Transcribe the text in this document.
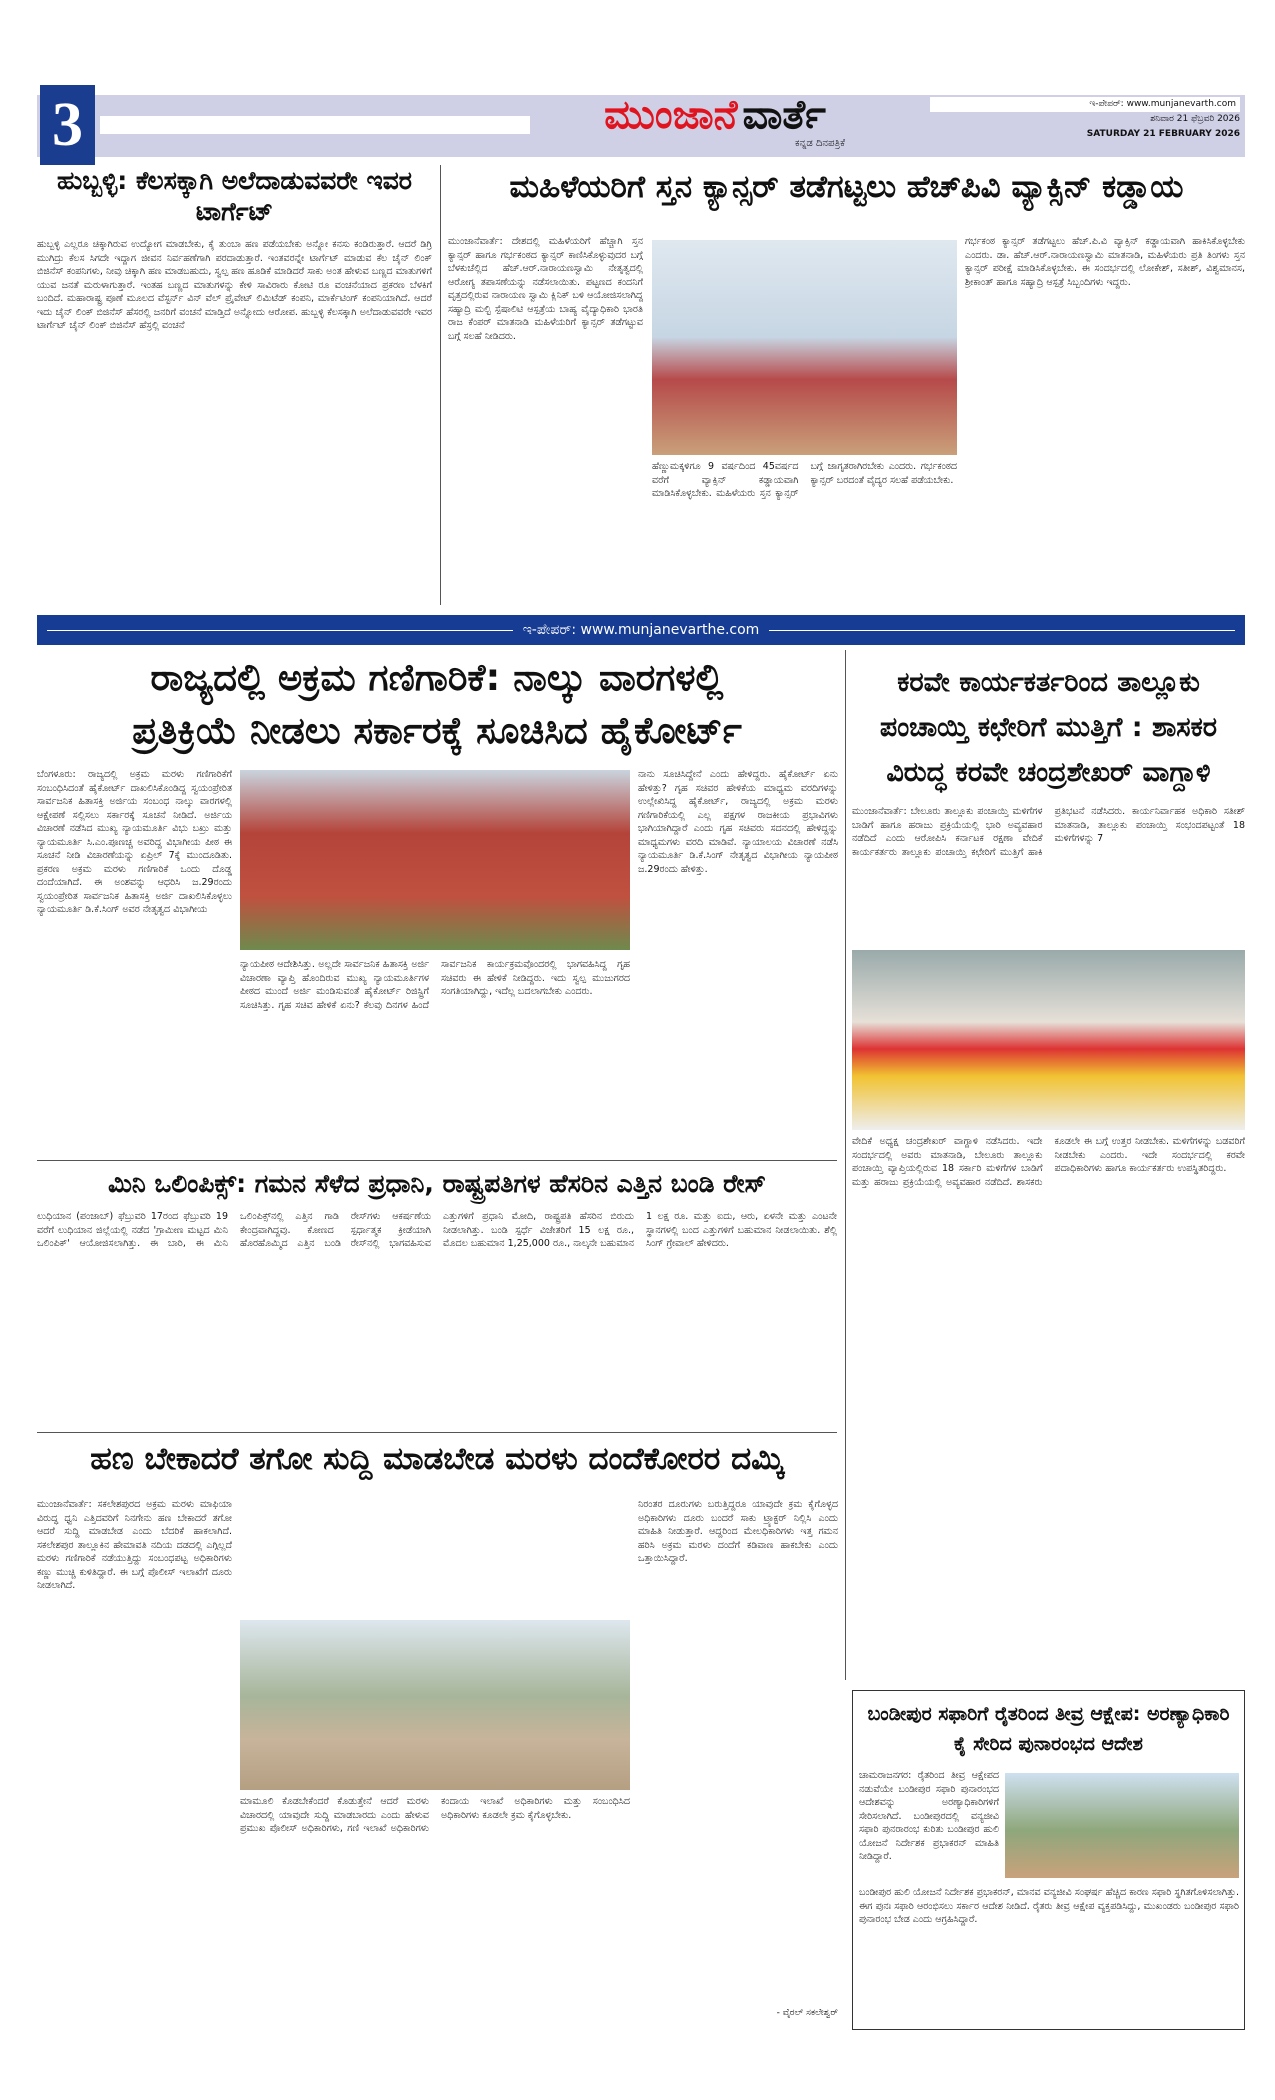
3	ಮುಂಜಾನೆ ವಾರ್ತೆ
ಕನ್ನಡ ದಿನಪತ್ರಿಕೆ
ಇ-ಪೇಪರ್: www.munjanevarth.com
ಶನಿವಾರ 21 ಫೆಬ್ರವರಿ 2026
SATURDAY 21 FEBRUARY 2026
ಹುಬ್ಬಳ್ಳಿ: ಕೆಲಸಕ್ಕಾಗಿ ಅಲೆದಾಡುವವರೇ ಇವರ ಟಾರ್ಗೆಟ್
ಹುಬ್ಬಳ್ಳಿ ಎಲ್ಲರೂ ಚಿಕ್ಕಾಗಿರುವ ಉದ್ಯೋಗ ಮಾಡಬೇಕು, ಕೈ ತುಂಬಾ ಹಣ ಪಡೆಯಬೇಕು ಅನ್ನೋ ಕನಸು ಕಂಡಿರುತ್ತಾರೆ. ಆದರೆ ಡಿಗ್ರಿ ಮುಗಿದ್ರು ಕೆಲಸ ಸಿಗದೇ ಇದ್ದಾಗ ಜೀವನ ನಿರ್ವಹಣೆಗಾಗಿ ಪರದಾಡುತ್ತಾರೆ. ಇಂತವರನ್ನೇ ಟಾರ್ಗೆಟ್ ಮಾಡುವ ಕೆಲ ಚೈನ್ ಲಿಂಕ್ ಬಿಜಿನೆಸ್ ಕಂಪನಿಗಳು, ನೀವು ಚಿಕ್ಕಾಗಿ ಹಣ ಮಾಡಬಹುದು, ಸ್ವಲ್ಪ ಹಣ ಹೂಡಿಕೆ ಮಾಡಿದರೆ ಸಾಕು ಅಂತ ಹೇಳುವ ಬಣ್ಣದ ಮಾತುಗಳಿಗೆ ಯುವ ಜನತೆ ಮರುಳಾಗುತ್ತಾರೆ. ಇಂತಹ ಬಣ್ಣದ ಮಾತುಗಳನ್ನು ಕೇಳಿ ಸಾವಿರಾರು ಕೋಟಿ ರೂ ವಂಚನೆಯಾದ ಪ್ರಕರಣ ಬೆಳಕಿಗೆ ಬಂದಿದೆ. ಮಹಾರಾಷ್ಟ್ರ ಪೂಣೆ ಮೂಲದ ವೆಸ್ಟರ್ನ್ ವಿನ್ ವೆಲ್ ಪ್ರೈವೇಟ್ ಲಿಮಿಟೆಡ್ ಕಂಪನಿ, ಮಾರ್ಕೆಟಿಂಗ್ ಕಂಪನಿಯಾಗಿದೆ. ಆದರೆ ಇದು ಚೈನ್ ಲಿಂಕ್ ಬಿಜಿನೆಸ್ ಹೆಸರಲ್ಲಿ ಜನರಿಗೆ ವಂಚನೆ ಮಾಡ್ತಿದೆ ಅನ್ನೋದು ಆರೋಪ. ಹುಬ್ಬಳ್ಳಿ ಕೆಲಸಕ್ಕಾಗಿ ಅಲೆದಾಡುವವರೇ ಇವರ ಟಾರ್ಗೆಟ್ ಚೈನ್ ಲಿಂಕ್ ಬಿಜಿನೆಸ್ ಹೆಸ್ರಲ್ಲಿ ವಂಚನೆ
ಮಹಿಳೆಯರಿಗೆ ಸ್ತನ ಕ್ಯಾನ್ಸರ್ ತಡೆಗಟ್ಟಲು ಹೆಚ್‌ಪಿವಿ ವ್ಯಾಕ್ಸಿನ್ ಕಡ್ಡಾಯ
ಮುಂಜಾನೆವಾರ್ತೆ: ದೇಶದಲ್ಲಿ ಮಹಿಳೆಯರಿಗೆ ಹೆಚ್ಚಾಗಿ ಸ್ತನ ಕ್ಯಾನ್ಸರ್ ಹಾಗೂ ಗರ್ಭಕಂಠದ ಕ್ಯಾನ್ಸರ್ ಕಾಣಿಸಿಕೊಳ್ಳುವುದರ ಬಗ್ಗೆ ಬೆಳಕುಚೆಲ್ಲಿದ ಹೆಚ್.ಆರ್.ನಾರಾಯಣಸ್ವಾಮಿ ನೇತೃತ್ವದಲ್ಲಿ ಆರೋಗ್ಯ ತಪಾಸಣೆಯನ್ನು ನಡೆಸಲಾಯಿತು. ಪಟ್ಟಣದ ಕಂದನಿಗೆ ವೃತ್ತದಲ್ಲಿರುವ ನಾರಾಯಣ ಸ್ವಾಮಿ ಕ್ಲಿನಿಕ್ ಬಳಿ ಆಯೋಜಿಸಲಾಗಿದ್ದ ಸಹ್ಯಾದ್ರಿ ಮಲ್ಟಿ ಸ್ಪೆಷಾಲಿಟಿ ಆಸ್ಪತ್ರೆಯ ಬಾಹ್ಯ ವೈದ್ಯಾಧಿಕಾರಿ ಭಾರತಿ ರಾಜ ಕೆಂಪರ್ ಮಾತನಾಡಿ ಮಹಿಳೆಯರಿಗೆ ಕ್ಯಾನ್ಸರ್ ತಡೆಗಟ್ಟುವ ಬಗ್ಗೆ ಸಲಹೆ ನೀಡಿದರು.
ಹೆಣ್ಣುಮಕ್ಕಳಿಗೂ 9 ವರ್ಷದಿಂದ 45ವರ್ಷದ ವರೆಗೆ ವ್ಯಾಕ್ಸಿನ್ ಕಡ್ಡಾಯವಾಗಿ ಮಾಡಿಸಿಕೊಳ್ಳಬೇಕು. ಮಹಿಳೆಯರು ಸ್ತನ ಕ್ಯಾನ್ಸರ್ ಬಗ್ಗೆ ಜಾಗೃತರಾಗಿರಬೇಕು ಎಂದರು. ಗರ್ಭಕಂಠದ ಕ್ಯಾನ್ಸರ್ ಬರದಂತೆ ವೈದ್ಯರ ಸಲಹೆ ಪಡೆಯಬೇಕು.
ಗರ್ಭಕಂಠ ಕ್ಯಾನ್ಸರ್ ತಡೆಗಟ್ಟಲು ಹೆಚ್.ಪಿ.ವಿ ವ್ಯಾಕ್ಸಿನ್ ಕಡ್ಡಾಯವಾಗಿ ಹಾಕಿಸಿಕೊಳ್ಳಬೇಕು ಎಂದರು. ಡಾ. ಹೆಚ್.ಆರ್.ನಾರಾಯಣಸ್ವಾಮಿ ಮಾತನಾಡಿ, ಮಹಿಳೆಯರು ಪ್ರತಿ ತಿಂಗಳು ಸ್ತನ ಕ್ಯಾನ್ಸರ್ ಪರೀಕ್ಷೆ ಮಾಡಿಸಿಕೊಳ್ಳಬೇಕು. ಈ ಸಂದರ್ಭದಲ್ಲಿ ಲೋಕೇಶ್, ಸತೀಶ್, ವಿಶ್ವಮಾನಸ, ಶ್ರೀಕಾಂತ್ ಹಾಗೂ ಸಹ್ಯಾದ್ರಿ ಆಸ್ಪತ್ರೆ ಸಿಬ್ಬಂದಿಗಳು ಇದ್ದರು.
ಇ-ಪೇಪರ್: www.munjanevarthe.com
ರಾಜ್ಯದಲ್ಲಿ ಅಕ್ರಮ ಗಣಿಗಾರಿಕೆ: ನಾಲ್ಕು ವಾರಗಳಲ್ಲಿ
ಪ್ರತಿಕ್ರಿಯೆ ನೀಡಲು ಸರ್ಕಾರಕ್ಕೆ ಸೂಚಿಸಿದ ಹೈಕೋರ್ಟ್
ಬೆಂಗಳೂರು: ರಾಜ್ಯದಲ್ಲಿ ಅಕ್ರಮ ಮರಳು ಗಣಿಗಾರಿಕೆಗೆ ಸಂಬಂಧಿಸಿದಂತೆ ಹೈಕೋರ್ಟ್ ದಾಖಲಿಸಿಕೊಂಡಿದ್ದ ಸ್ವಯಂಪ್ರೇರಿತ ಸಾರ್ವಜನಿಕ ಹಿತಾಸಕ್ತಿ ಅರ್ಜಿಯ ಸಂಬಂಧ ನಾಲ್ಕು ವಾರಗಳಲ್ಲಿ ಆಕ್ಷೇಪಣೆ ಸಲ್ಲಿಸಲು ಸರ್ಕಾರಕ್ಕೆ ಸೂಚನೆ ನೀಡಿದೆ. ಅರ್ಜಿಯ ವಿಚಾರಣೆ ನಡೆಸಿದ ಮುಖ್ಯ ನ್ಯಾಯಮೂರ್ತಿ ವಿಭು ಬಖ್ರು ಮತ್ತು ನ್ಯಾಯಮೂರ್ತಿ ಸಿ.ಎಂ.ಪೂಣಚ್ಚ ಅವರಿದ್ದ ವಿಭಾಗೀಯ ಪೀಠ ಈ ಸೂಚನೆ ನೀಡಿ ವಿಚಾರಣೆಯನ್ನು ಏಪ್ರಿಲ್ 7ಕ್ಕೆ ಮುಂದೂಡಿತು. ಪ್ರಕರಣ ಅಕ್ರಮ ಮರಳು ಗಣಿಗಾರಿಕೆ ಒಂದು ದೊಡ್ಡ ದಂದೆಯಾಗಿದೆ. ಈ ಅಂಶವನ್ನು ಆಧರಿಸಿ ಜ.29ರಂದು ಸ್ವಯಂಪ್ರೇರಿತ ಸಾರ್ವಜನಿಕ ಹಿತಾಸಕ್ತಿ ಅರ್ಜಿ ದಾಖಲಿಸಿಕೊಳ್ಳಲು ನ್ಯಾಯಮೂರ್ತಿ ಡಿ.ಕೆ.ಸಿಂಗ್ ಅವರ ನೇತೃತ್ವದ ವಿಭಾಗೀಯ
ನ್ಯಾಯಪೀಠ ಆದೇಶಿಸಿತ್ತು. ಅಲ್ಲದೇ ಸಾರ್ವಜನಿಕ ಹಿತಾಸಕ್ತಿ ಅರ್ಜಿ ವಿಚಾರಣಾ ವ್ಯಾಪ್ತಿ ಹೊಂದಿರುವ ಮುಖ್ಯ ನ್ಯಾಯಮೂರ್ತಿಗಳ ಪೀಠದ ಮುಂದೆ ಅರ್ಜಿ ಮಂಡಿಸುವಂತೆ ಹೈಕೋರ್ಟ್ ರಿಜಿಸ್ಟ್ರಿಗೆ ಸೂಚಿಸಿತ್ತು. ಗೃಹ ಸಚಿವ ಹೇಳಿಕೆ ಏನು? ಕೆಲವು ದಿನಗಳ ಹಿಂದೆ ಸಾರ್ವಜನಿಕ ಕಾರ್ಯಕ್ರಮವೊಂದರಲ್ಲಿ ಭಾಗವಹಿಸಿದ್ದ ಗೃಹ ಸಚಿವರು ಈ ಹೇಳಿಕೆ ನೀಡಿದ್ದರು. ಇದು ಸ್ವಲ್ಪ ಮುಜುಗರದ ಸಂಗತಿಯಾಗಿದ್ದು, ಇದೆಲ್ಲ ಬದಲಾಗಬೇಕು ಎಂದರು.
ನಾನು ಸೂಚಿಸಿದ್ದೇನೆ ಎಂದು ಹೇಳಿದ್ದರು. ಹೈಕೋರ್ಟ್ ಏನು ಹೇಳಿತ್ತು? ಗೃಹ ಸಚಿವರ ಹೇಳಿಕೆಯ ಮಾಧ್ಯಮ ವರದಿಗಳನ್ನು ಉಲ್ಲೇಖಿಸಿದ್ದ ಹೈಕೋರ್ಟ್, ರಾಜ್ಯದಲ್ಲಿ ಅಕ್ರಮ ಮರಳು ಗಣಿಗಾರಿಕೆಯಲ್ಲಿ ಎಲ್ಲ ಪಕ್ಷಗಳ ರಾಜಕೀಯ ಪ್ರಭಾವಿಗಳು ಭಾಗಿಯಾಗಿದ್ದಾರೆ ಎಂದು ಗೃಹ ಸಚಿವರು ಸದನದಲ್ಲಿ ಹೇಳಿದ್ದನ್ನು ಮಾಧ್ಯಮಗಳು ವರದಿ ಮಾಡಿವೆ. ನ್ಯಾಯಾಲಯ ವಿಚಾರಣೆ ನಡೆಸಿ ನ್ಯಾಯಮೂರ್ತಿ ಡಿ.ಕೆ.ಸಿಂಗ್ ನೇತೃತ್ವದ ವಿಭಾಗೀಯ ನ್ಯಾಯಪೀಠ ಜ.29ರಂದು ಹೇಳಿತ್ತು.
ಕರವೇ ಕಾರ್ಯಕರ್ತರಿಂದ ತಾಲ್ಲೂಕು ಪಂಚಾಯ್ತಿ ಕಛೇರಿಗೆ ಮುತ್ತಿಗೆ : ಶಾಸಕರ ವಿರುದ್ಧ ಕರವೇ ಚಂದ್ರಶೇಖರ್ ವಾಗ್ದಾಳಿ
ಮುಂಜಾನೆವಾರ್ತೆ: ಬೇಲೂರು ತಾಲ್ಲೂಕು ಪಂಚಾಯ್ತಿ ಮಳಿಗೆಗಳ ಬಾಡಿಗೆ ಹಾಗೂ ಹರಾಜು ಪ್ರಕ್ರಿಯೆಯಲ್ಲಿ ಭಾರಿ ಅವ್ಯವಹಾರ ನಡೆದಿದೆ ಎಂದು ಆರೋಪಿಸಿ ಕರ್ನಾಟಕ ರಕ್ಷಣಾ ವೇದಿಕೆ ಕಾರ್ಯಕರ್ತರು ತಾಲ್ಲೂಕು ಪಂಚಾಯ್ತಿ ಕಛೇರಿಗೆ ಮುತ್ತಿಗೆ ಹಾಕಿ ಪ್ರತಿಭಟನೆ ನಡೆಸಿದರು. ಕಾರ್ಯನಿರ್ವಾಹಕ ಅಧಿಕಾರಿ ಸತೀಶ್ ಮಾತನಾಡಿ, ತಾಲ್ಲೂಕು ಪಂಚಾಯ್ತಿ ಸಂಭಂದಪಟ್ಟಂತೆ 18 ಮಳಿಗೆಗಳನ್ನು 7
ವೇದಿಕೆ ಅಧ್ಯಕ್ಷ ಚಂದ್ರಶೇಖರ್ ವಾಗ್ದಾಳಿ ನಡೆಸಿದರು. ಇದೇ ಸಂದರ್ಭದಲ್ಲಿ ಅವರು ಮಾತನಾಡಿ, ಬೇಲೂರು ತಾಲ್ಲೂಕು ಪಂಚಾಯ್ತಿ ವ್ಯಾಪ್ತಿಯಲ್ಲಿರುವ 18 ಸರ್ಕಾರಿ ಮಳಿಗೆಗಳ ಬಾಡಿಗೆ ಮತ್ತು ಹರಾಜು ಪ್ರಕ್ರಿಯೆಯಲ್ಲಿ ಅವ್ಯವಹಾರ ನಡೆದಿದೆ. ಶಾಸಕರು ಕೂಡಲೇ ಈ ಬಗ್ಗೆ ಉತ್ತರ ನೀಡಬೇಕು. ಮಳಿಗೆಗಳನ್ನು ಬಡವರಿಗೆ ನೀಡಬೇಕು ಎಂದರು. ಇದೇ ಸಂದರ್ಭದಲ್ಲಿ ಕರವೇ ಪದಾಧಿಕಾರಿಗಳು ಹಾಗೂ ಕಾರ್ಯಕರ್ತರು ಉಪಸ್ಥಿತರಿದ್ದರು.
ಮಿನಿ ಒಲಿಂಪಿಕ್ಸ್: ಗಮನ ಸೆಳೆದ ಪ್ರಧಾನಿ, ರಾಷ್ಟ್ರಪತಿಗಳ ಹೆಸರಿನ ಎತ್ತಿನ ಬಂಡಿ ರೇಸ್
ಲುಧಿಯಾನ (ಪಂಜಾಬ್) ಫೆಬ್ರುವರಿ 17ರಂದ ಫೆಬ್ರುವರಿ 19 ವರೆಗೆ ಲುಧಿಯಾನ ಜಿಲ್ಲೆಯಲ್ಲಿ ನಡೆದ 'ಗ್ರಾಮೀಣ ಮಟ್ಟದ ಮಿನಿ ಒಲಿಂಪಿಕ್' ಆಯೋಜಿಸಲಾಗಿತ್ತು. ಈ ಬಾರಿ, ಈ ಮಿನಿ ಒಲಿಂಪಿಕ್ಸ್‌ನಲ್ಲಿ ಎತ್ತಿನ ಗಾಡಿ ರೇಸ್‌ಗಳು ಆಕರ್ಷಣೆಯ ಕೇಂದ್ರವಾಗಿದ್ದವು. ಕೋಣದ ಸ್ಪರ್ಧಾತ್ಮಕ ಕ್ರೀಡೆಯಾಗಿ ಹೊರಹೊಮ್ಮಿದ ಎತ್ತಿನ ಬಂಡಿ ರೇಸ್‌ನಲ್ಲಿ ಭಾಗವಹಿಸುವ ಎತ್ತುಗಳಿಗೆ ಪ್ರಧಾನಿ ಮೋದಿ, ರಾಷ್ಟ್ರಪತಿ ಹೆಸರಿನ ಬಿರುದು ನೀಡಲಾಗಿತ್ತು. ಬಂಡಿ ಸ್ಪರ್ಧೆ ವಿಜೇತರಿಗೆ 15 ಲಕ್ಷ ರೂ., ಮೊದಲ ಬಹುಮಾನ 1,25,000 ರೂ., ನಾಲ್ಕನೇ ಬಹುಮಾನ 1 ಲಕ್ಷ ರೂ. ಮತ್ತು ಐದು, ಆರು, ಏಳನೇ ಮತ್ತು ಎಂಟನೇ ಸ್ಥಾನಗಳಲ್ಲಿ ಬಂದ ಎತ್ತುಗಳಿಗೆ ಬಹುಮಾನ ನೀಡಲಾಯಿತು. ಶೆಲ್ಲಿ ಸಿಂಗ್ ಗ್ರೇವಾಲ್ ಹೇಳಿದರು.
ಹಣ ಬೇಕಾದರೆ ತಗೋ ಸುದ್ದಿ ಮಾಡಬೇಡ ಮರಳು ದಂದೆಕೋರರ ದಮ್ಕಿ
ಮುಂಜಾನೆವಾರ್ತೆ: ಸಕಲೇಶಪುರದ ಅಕ್ರಮ ಮರಳು ಮಾಫಿಯಾ ವಿರುದ್ಧ ಧ್ವನಿ ಎತ್ತಿದವರಿಗೆ ನಿನಗೇನು ಹಣ ಬೇಕಾದರೆ ತಗೋ ಆದರೆ ಸುದ್ದಿ ಮಾಡಬೇಡ ಎಂದು ಬೆದರಿಕೆ ಹಾಕಲಾಗಿದೆ. ಸಕಲೇಶಪುರ ತಾಲ್ಲೂಕಿನ ಹೇಮಾವತಿ ನದಿಯ ದಡದಲ್ಲಿ ಎಗ್ಗಿಲ್ಲದೆ ಮರಳು ಗಣಿಗಾರಿಕೆ ನಡೆಯುತ್ತಿದ್ದು ಸಂಬಂಧಪಟ್ಟ ಅಧಿಕಾರಿಗಳು ಕಣ್ಣು ಮುಚ್ಚಿ ಕುಳಿತಿದ್ದಾರೆ. ಈ ಬಗ್ಗೆ ಪೊಲೀಸ್ ಇಲಾಖೆಗೆ ದೂರು ನೀಡಲಾಗಿದೆ.
ಮಾಮೂಲಿ ಕೊಡಬೇಕೆಂದರೆ ಕೊಡುತ್ತೇನೆ ಆದರೆ ಮರಳು ವಿಚಾರದಲ್ಲಿ ಯಾವುದೇ ಸುದ್ದಿ ಮಾಡಬಾರದು ಎಂದು ಹೇಳುವ ಪ್ರಮುಖ ಪೊಲೀಸ್ ಅಧಿಕಾರಿಗಳು, ಗಣಿ ಇಲಾಖೆ ಅಧಿಕಾರಿಗಳು ಕಂದಾಯ ಇಲಾಖೆ ಅಧಿಕಾರಿಗಳು ಮತ್ತು ಸಂಬಂಧಿಸಿದ ಅಧಿಕಾರಿಗಳು ಕೂಡಲೇ ಕ್ರಮ ಕೈಗೊಳ್ಳಬೇಕು.
ನಿರಂತರ ದೂರುಗಳು ಬರುತ್ತಿದ್ದರೂ ಯಾವುದೇ ಕ್ರಮ ಕೈಗೊಳ್ಳದ ಅಧಿಕಾರಿಗಳು ದೂರು ಬಂದರೆ ಸಾಕು ಟ್ರ್ಯಾಕ್ಟರ್ ನಿಲ್ಲಿಸಿ ಎಂದು ಮಾಹಿತಿ ನೀಡುತ್ತಾರೆ. ಆದ್ದರಿಂದ ಮೇಲಧಿಕಾರಿಗಳು ಇತ್ತ ಗಮನ ಹರಿಸಿ ಅಕ್ರಮ ಮರಳು ದಂದೆಗೆ ಕಡಿವಾಣ ಹಾಕಬೇಕು ಎಂದು ಒತ್ತಾಯಿಸಿದ್ದಾರೆ.
- ವೈರಲ್ ಸಕಲೇಶ್ವರ್
ಬಂಡೀಪುರ ಸಫಾರಿಗೆ ರೈತರಿಂದ ತೀವ್ರ ಆಕ್ಷೇಪ: ಅರಣ್ಯಾಧಿಕಾರಿ ಕೈ ಸೇರಿದ ಪುನಾರಂಭದ ಆದೇಶ
ಚಾಮರಾಜನಗರ: ರೈತರಿಂದ ತೀವ್ರ ಆಕ್ಷೇಪದ ನಡುವೆಯೇ ಬಂಡೀಪುರ ಸಫಾರಿ ಪುನಾರಂಭದ ಆದೇಶವನ್ನು ಅರಣ್ಯಾಧಿಕಾರಿಗಳಿಗೆ ಸೇರಿಸಲಾಗಿದೆ. ಬಂಡೀಪುರದಲ್ಲಿ ವನ್ಯಜೀವಿ ಸಫಾರಿ ಪುನರಾರಂಭ ಕುರಿತು ಬಂಡೀಪುರ ಹುಲಿ ಯೋಜನೆ ನಿರ್ದೇಶಕ ಪ್ರಭಾಕರನ್ ಮಾಹಿತಿ ನೀಡಿದ್ದಾರೆ.
ಬಂಡೀಪುರ ಹುಲಿ ಯೋಜನೆ ನಿರ್ದೇಶಕ ಪ್ರಭಾಕರನ್, ಮಾನವ ವನ್ಯಜೀವಿ ಸಂಘರ್ಷ ಹೆಚ್ಚಿದ ಕಾರಣ ಸಫಾರಿ ಸ್ಥಗಿತಗೊಳಿಸಲಾಗಿತ್ತು. ಈಗ ಪುನಃ ಸಫಾರಿ ಆರಂಭಿಸಲು ಸರ್ಕಾರ ಆದೇಶ ನೀಡಿದೆ. ರೈತರು ತೀವ್ರ ಆಕ್ಷೇಪ ವ್ಯಕ್ತಪಡಿಸಿದ್ದು, ಮುಖಂಡರು ಬಂಡೀಪುರ ಸಫಾರಿ ಪುನಾರಂಭ ಬೇಡ ಎಂದು ಆಗ್ರಹಿಸಿದ್ದಾರೆ.
